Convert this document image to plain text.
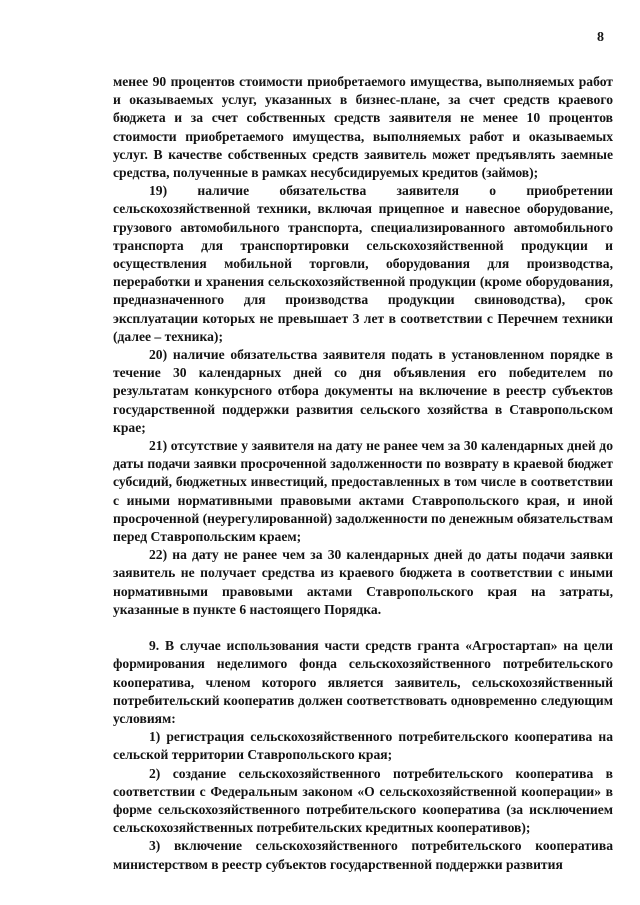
8

менее 90 процентов стоимости приобретаемого имущества, выполняемых работ и оказываемых услуг, указанных в бизнес-плане, за счет средств краевого бюджета и за счет собственных средств заявителя не менее 10 процентов стоимости приобретаемого имущества, выполняемых работ и оказываемых услуг. В качестве собственных средств заявитель может предъявлять заемные средства, полученные в рамках несубсидируемых кредитов (займов);

19) наличие обязательства заявителя о приобретении сельскохозяйственной техники, включая прицепное и навесное оборудование, грузового автомобильного транспорта, специализированного автомобильного транспорта для транспортировки сельскохозяйственной продукции и осуществления мобильной торговли, оборудования для производства, переработки и хранения сельскохозяйственной продукции (кроме оборудования, предназначенного для производства продукции свиноводства), срок эксплуатации которых не превышает 3 лет в соответствии с Перечнем техники (далее – техника);

20) наличие обязательства заявителя подать в установленном порядке в течение 30 календарных дней со дня объявления его победителем по результатам конкурсного отбора документы на включение в реестр субъектов государственной поддержки развития сельского хозяйства в Ставропольском крае;

21) отсутствие у заявителя на дату не ранее чем за 30 календарных дней до даты подачи заявки просроченной задолженности по возврату в краевой бюджет субсидий, бюджетных инвестиций, предоставленных в том числе в соответствии с иными нормативными правовыми актами Ставропольского края, и иной просроченной (неурегулированной) задолженности по денежным обязательствам перед Ставропольским краем;

22) на дату не ранее чем за 30 календарных дней до даты подачи заявки заявитель не получает средства из краевого бюджета в соответствии с иными нормативными правовыми актами Ставропольского края на затраты, указанные в пункте 6 настоящего Порядка.

9. В случае использования части средств гранта «Агростартап» на цели формирования неделимого фонда сельскохозяйственного потребительского кооператива, членом которого является заявитель, сельскохозяйственный потребительский кооператив должен соответствовать одновременно следующим условиям:

1) регистрация сельскохозяйственного потребительского кооператива на сельской территории Ставропольского края;

2) создание сельскохозяйственного потребительского кооператива в соответствии с Федеральным законом «О сельскохозяйственной кооперации» в форме сельскохозяйственного потребительского кооператива (за исключением сельскохозяйственных потребительских кредитных кооперативов);

3) включение сельскохозяйственного потребительского кооператива министерством в реестр субъектов государственной поддержки развития
